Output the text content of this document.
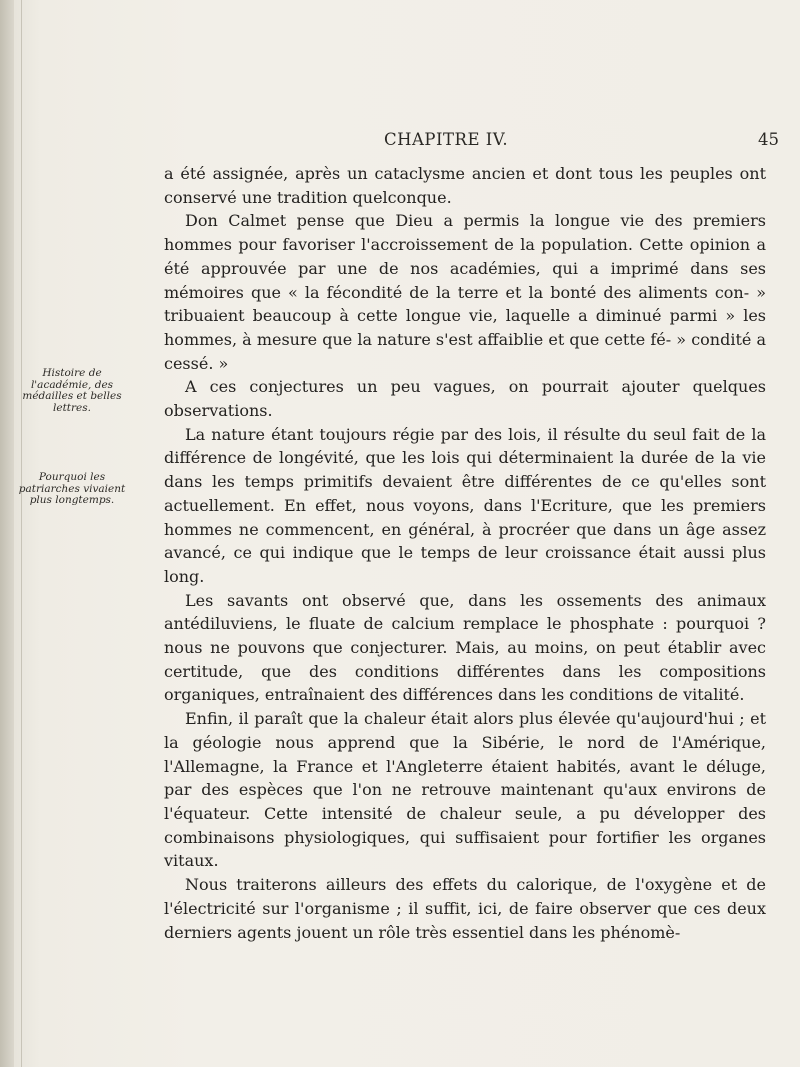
CHAPITRE IV.	45
Histoire de l'académie, des médailles et belles lettres.
Pourquoi les patriarches vivaient plus longtemps.

a été assignée, après un cataclysme ancien et dont tous les peuples ont conservé une tradition quelconque.

Don Calmet pense que Dieu a permis la longue vie des premiers hommes pour favoriser l'accroissement de la population. Cette opinion a été approuvée par une de nos académies, qui a imprimé dans ses mémoires que « la fécondité de la terre et la bonté des aliments con- » tribuaient beaucoup à cette longue vie, laquelle a diminué parmi » les hommes, à mesure que la nature s'est affaiblie et que cette fé- » condité a cessé. »

A ces conjectures un peu vagues, on pourrait ajouter quelques observations.

La nature étant toujours régie par des lois, il résulte du seul fait de la différence de longévité, que les lois qui déterminaient la durée de la vie dans les temps primitifs devaient être différentes de ce qu'elles sont actuellement. En effet, nous voyons, dans l'Ecriture, que les premiers hommes ne commencent, en général, à procréer que dans un âge assez avancé, ce qui indique que le temps de leur croissance était aussi plus long.

Les savants ont observé que, dans les ossements des animaux antédiluviens, le fluate de calcium remplace le phosphate : pourquoi ? nous ne pouvons que conjecturer. Mais, au moins, on peut établir avec certitude, que des conditions différentes dans les compositions organiques, entraînaient des différences dans les conditions de vitalité.

Enfin, il paraît que la chaleur était alors plus élevée qu'aujourd'hui ; et la géologie nous apprend que la Sibérie, le nord de l'Amérique, l'Allemagne, la France et l'Angleterre étaient habités, avant le déluge, par des espèces que l'on ne retrouve maintenant qu'aux environs de l'équateur. Cette intensité de chaleur seule, a pu développer des combinaisons physiologiques, qui suffisaient pour fortifier les organes vitaux.

Nous traiterons ailleurs des effets du calorique, de l'oxygène et de l'électricité sur l'organisme ; il suffit, ici, de faire observer que ces deux derniers agents jouent un rôle très essentiel dans les phénomè-
